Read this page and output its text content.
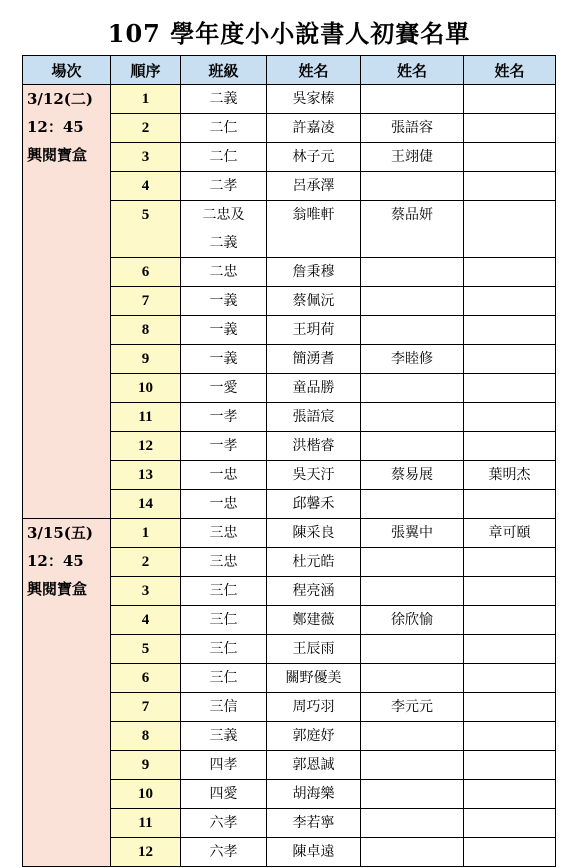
107 學年度小小說書人初賽名單
場次	順序	班級	姓名	姓名	姓名

3/12(二)
12：45
興閱寶盒	1	二義	吳家榛		
	2	二仁	許嘉凌	張語容	
	3	二仁	林子元	王翊倢	
	4	二孝	呂承澤		
	5	二忠及
二義	翁唯軒	蔡品妍	
	6	二忠	詹秉穆		
	7	一義	蔡佩沅		
	8	一義	王玥荷		
	9	一義	簡湧耆	李睦修	
	10	一愛	童品勝		
	11	一孝	張語宸		
	12	一孝	洪楷睿		
	13	一忠	吳天汙	蔡易展	葉明杰
	14	一忠	邱馨禾		

3/15(五)
12：45
興閱寶盒	1	三忠	陳采良	張翼中	章可頤
	2	三忠	杜元皓		
	3	三仁	程亮涵		
	4	三仁	鄭建薇	徐欣愉	
	5	三仁	王辰雨		
	6	三仁	關野優美		
	7	三信	周巧羽	李元元	
	8	三義	郭庭妤		
	9	四孝	郭恩誠		
	10	四愛	胡海樂		
	11	六孝	李若寧		
	12	六孝	陳卓遠		
